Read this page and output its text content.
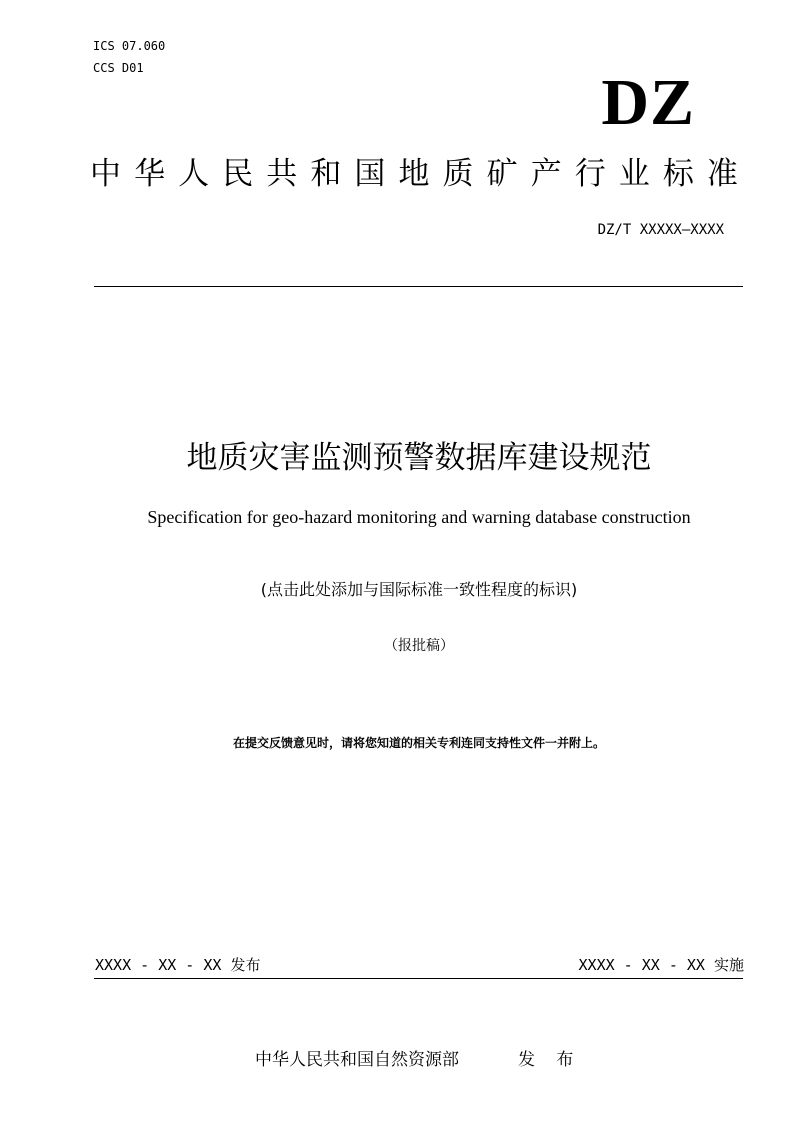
ICS 07.060
CCS D01	DZ
中 华 人 民 共 和 国 地 质 矿 产 行 业 标 准
DZ/T XXXXX—XXXX
地质灾害监测预警数据库建设规范
Specification for geo-hazard monitoring and warning database construction
(点击此处添加与国际标准一致性程度的标识)
（报批稿）
在提交反馈意见时，请将您知道的相关专利连同支持性文件一并附上。
XXXX - XX - XX 发布	XXXX - XX - XX 实施
中华人民共和国自然资源部	发 布
